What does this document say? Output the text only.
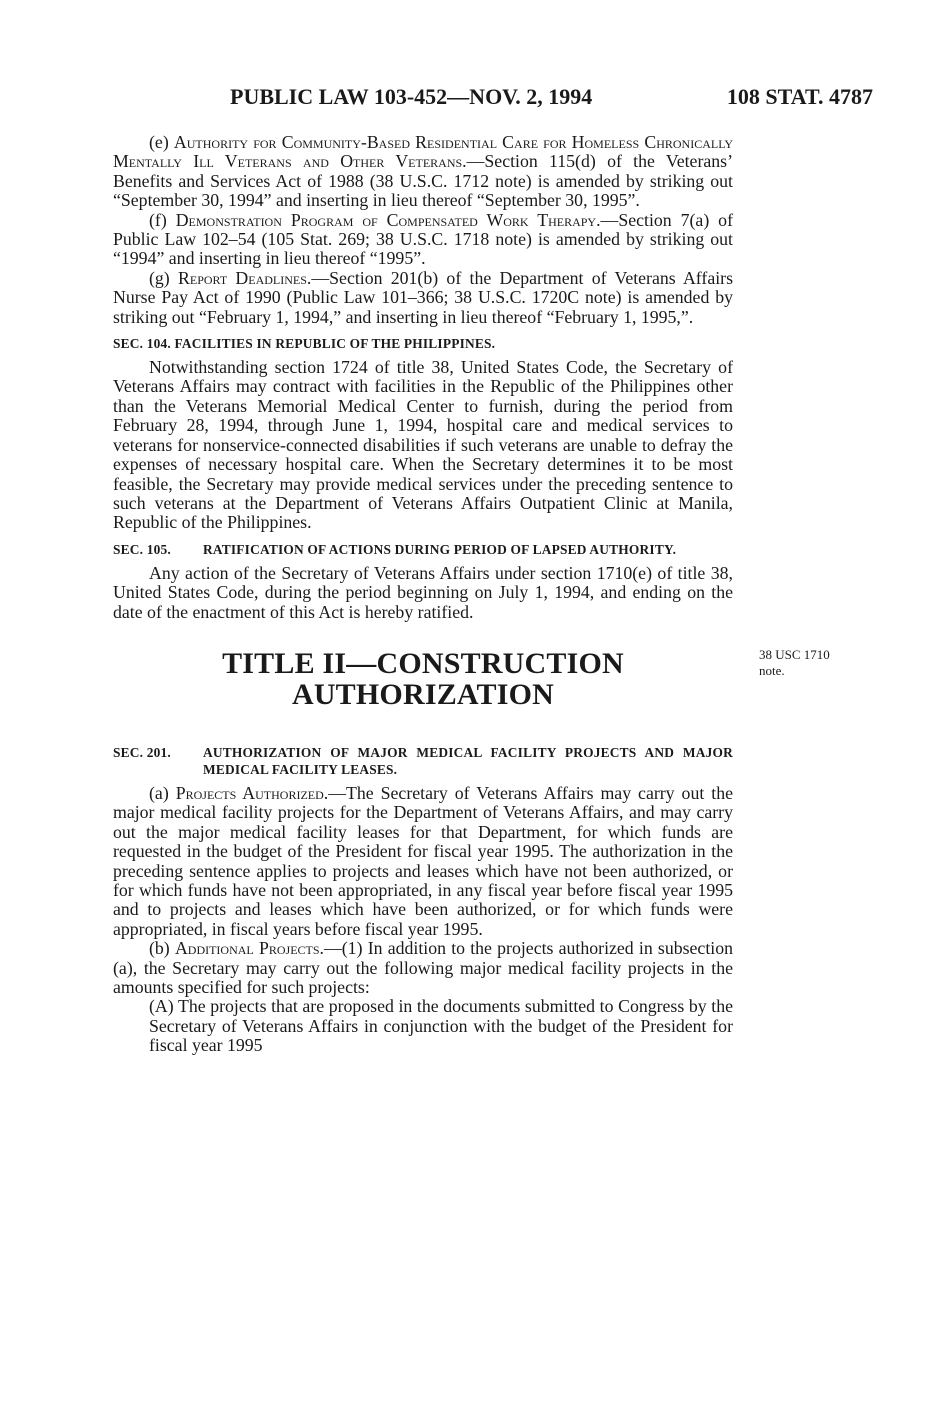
PUBLIC LAW 103-452—NOV. 2, 1994	108 STAT. 4787
38 USC 1710
note.

(e) Authority for Community-Based Residential Care for Homeless Chronically Mentally Ill Veterans and Other Veterans.—Section 115(d) of the Veterans’ Benefits and Services Act of 1988 (38 U.S.C. 1712 note) is amended by striking out “September 30, 1994” and inserting in lieu thereof “September 30, 1995”.

(f) Demonstration Program of Compensated Work Therapy.—Section 7(a) of Public Law 102–54 (105 Stat. 269; 38 U.S.C. 1718 note) is amended by striking out “1994” and inserting in lieu thereof “1995”.

(g) Report Deadlines.—Section 201(b) of the Department of Veterans Affairs Nurse Pay Act of 1990 (Public Law 101–366; 38 U.S.C. 1720C note) is amended by striking out “February 1, 1994,” and inserting in lieu thereof “February 1, 1995,”.

SEC. 104. FACILITIES IN REPUBLIC OF THE PHILIPPINES.

Notwithstanding section 1724 of title 38, United States Code, the Secretary of Veterans Affairs may contract with facilities in the Republic of the Philippines other than the Veterans Memorial Medical Center to furnish, during the period from February 28, 1994, through June 1, 1994, hospital care and medical services to veterans for nonservice-connected disabilities if such veterans are unable to defray the expenses of necessary hospital care. When the Secretary determines it to be most feasible, the Secretary may provide medical services under the preceding sentence to such veterans at the Department of Veterans Affairs Outpatient Clinic at Manila, Republic of the Philippines.

SEC. 105. RATIFICATION OF ACTIONS DURING PERIOD OF LAPSED AUTHORITY.

Any action of the Secretary of Veterans Affairs under section 1710(e) of title 38, United States Code, during the period beginning on July 1, 1994, and ending on the date of the enactment of this Act is hereby ratified.

TITLE II—CONSTRUCTION
AUTHORIZATION
SEC. 201. AUTHORIZATION OF MAJOR MEDICAL FACILITY PROJECTS AND MAJOR MEDICAL FACILITY LEASES.

(a) Projects Authorized.—The Secretary of Veterans Affairs may carry out the major medical facility projects for the Department of Veterans Affairs, and may carry out the major medical facility leases for that Department, for which funds are requested in the budget of the President for fiscal year 1995. The authorization in the preceding sentence applies to projects and leases which have not been authorized, or for which funds have not been appropriated, in any fiscal year before fiscal year 1995 and to projects and leases which have been authorized, or for which funds were appropriated, in fiscal years before fiscal year 1995.

(b) Additional Projects.—(1) In addition to the projects authorized in subsection (a), the Secretary may carry out the following major medical facility projects in the amounts specified for such projects:

(A) The projects that are proposed in the documents submitted to Congress by the Secretary of Veterans Affairs in conjunction with the budget of the President for fiscal year 1995
